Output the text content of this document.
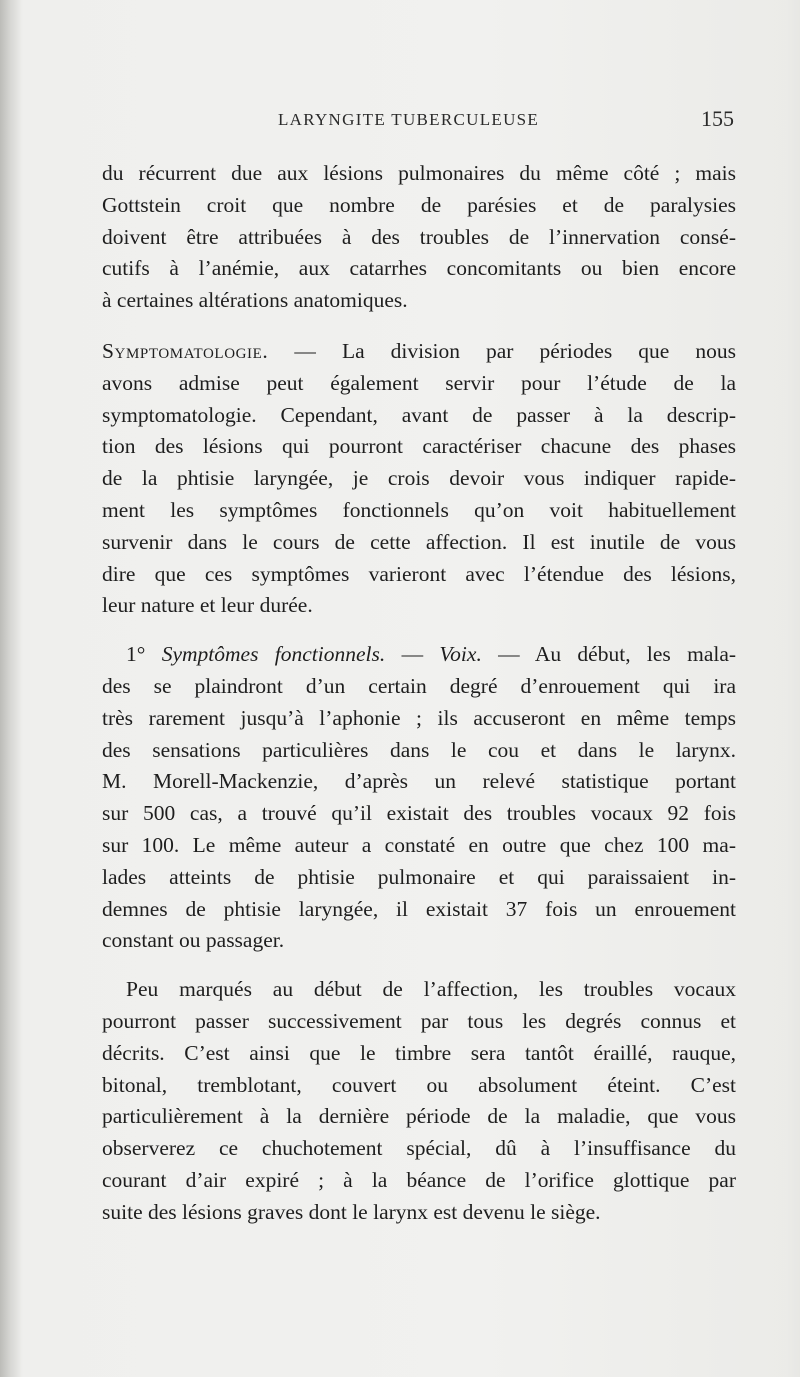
LARYNGITE TUBERCULEUSE	155
du récurrent due aux lésions pulmonaires du même côté ; mais
Gottstein croit que nombre de parésies et de paralysies
doivent être attribuées à des troubles de l’innervation consé-
cutifs à l’anémie, aux catarrhes concomitants ou bien encore
à certaines altérations anatomiques.
Symptomatologie. — La division par périodes que nous
avons admise peut également servir pour l’étude de la
symptomatologie. Cependant, avant de passer à la descrip-
tion des lésions qui pourront caractériser chacune des phases
de la phtisie laryngée, je crois devoir vous indiquer rapide-
ment les symptômes fonctionnels qu’on voit habituellement
survenir dans le cours de cette affection. Il est inutile de vous
dire que ces symptômes varieront avec l’étendue des lésions,
leur nature et leur durée.
1° Symptômes fonctionnels. — Voix. — Au début, les mala-
des se plaindront d’un certain degré d’enrouement qui ira
très rarement jusqu’à l’aphonie ; ils accuseront en même temps
des sensations particulières dans le cou et dans le larynx.
M. Morell-Mackenzie, d’après un relevé statistique portant
sur 500 cas, a trouvé qu’il existait des troubles vocaux 92 fois
sur 100. Le même auteur a constaté en outre que chez 100 ma-
lades atteints de phtisie pulmonaire et qui paraissaient in-
demnes de phtisie laryngée, il existait 37 fois un enrouement
constant ou passager.
Peu marqués au début de l’affection, les troubles vocaux
pourront passer successivement par tous les degrés connus et
décrits. C’est ainsi que le timbre sera tantôt éraillé, rauque,
bitonal, tremblotant, couvert ou absolument éteint. C’est
particulièrement à la dernière période de la maladie, que vous
observerez ce chuchotement spécial, dû à l’insuffisance du
courant d’air expiré ; à la béance de l’orifice glottique par
suite des lésions graves dont le larynx est devenu le siège.
